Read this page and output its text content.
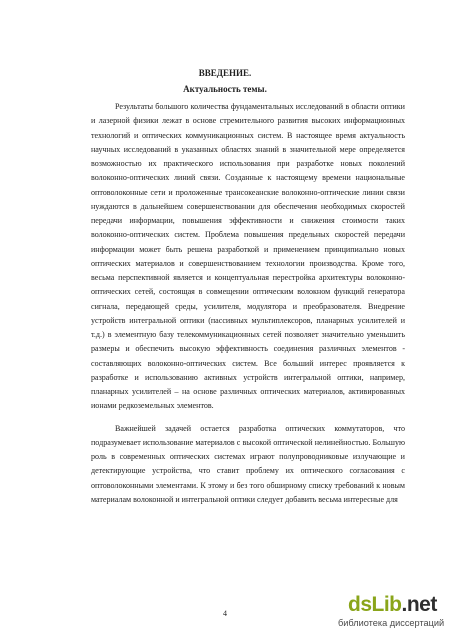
ВВЕДЕНИЕ.
Актуальность темы.

Результаты большого количества фундаментальных исследований в области оптики и лазерной физики лежат в основе стремительного развития высоких информационных технологий и оптических коммуникационных систем. В настоящее время актуальность научных исследований в указанных областях знаний в значительной мере определяется возможностью их практического использования при разработке новых поколений волоконно-оптических линий связи. Созданные к настоящему времени национальные оптоволоконные сети и проложенные трансокеанские волоконно-оптические линии связи нуждаются в дальнейшем совершенствовании для обеспечения необходимых скоростей передачи информации, повышения эффективности и снижения стоимости таких волоконно-оптических систем. Проблема повышения предельных скоростей передачи информации может быть решена разработкой и применением принципиально новых оптических материалов и совершенствованием технологии производства. Кроме того, весьма перспективной является и концептуальная перестройка архитектуры волоконно-оптических сетей, состоящая в совмещении оптическим волокном функций генератора сигнала, передающей среды, усилителя, модулятора и преобразователя. Внедрение устройств интегральной оптики (пассивных мультиплексоров, планарных усилителей и т.д.) в элементную базу телекоммуникационных сетей позволяет значительно уменьшить размеры и обеспечить высокую эффективность соединения различных элементов - составляющих волоконно-оптических систем. Все больший интерес проявляется к разработке и использованию активных устройств интегральной оптики, например, планарных усилителей – на основе различных оптических материалов, активированных ионами редкоземельных элементов.

Важнейшей задачей остается разработка оптических коммутаторов, что подразумевает использование материалов с высокой оптической нелинейностью. Большую роль в современных оптических системах играют полупроводниковые излучающие и детектирующие устройства, что ставит проблему их оптического согласования с оптоволоконными элементами. К этому и без того обширному списку требований к новым материалам волоконной и интегральной оптики следует добавить весьма интересные для

4	dsLib.net
библиотека диссертаций
